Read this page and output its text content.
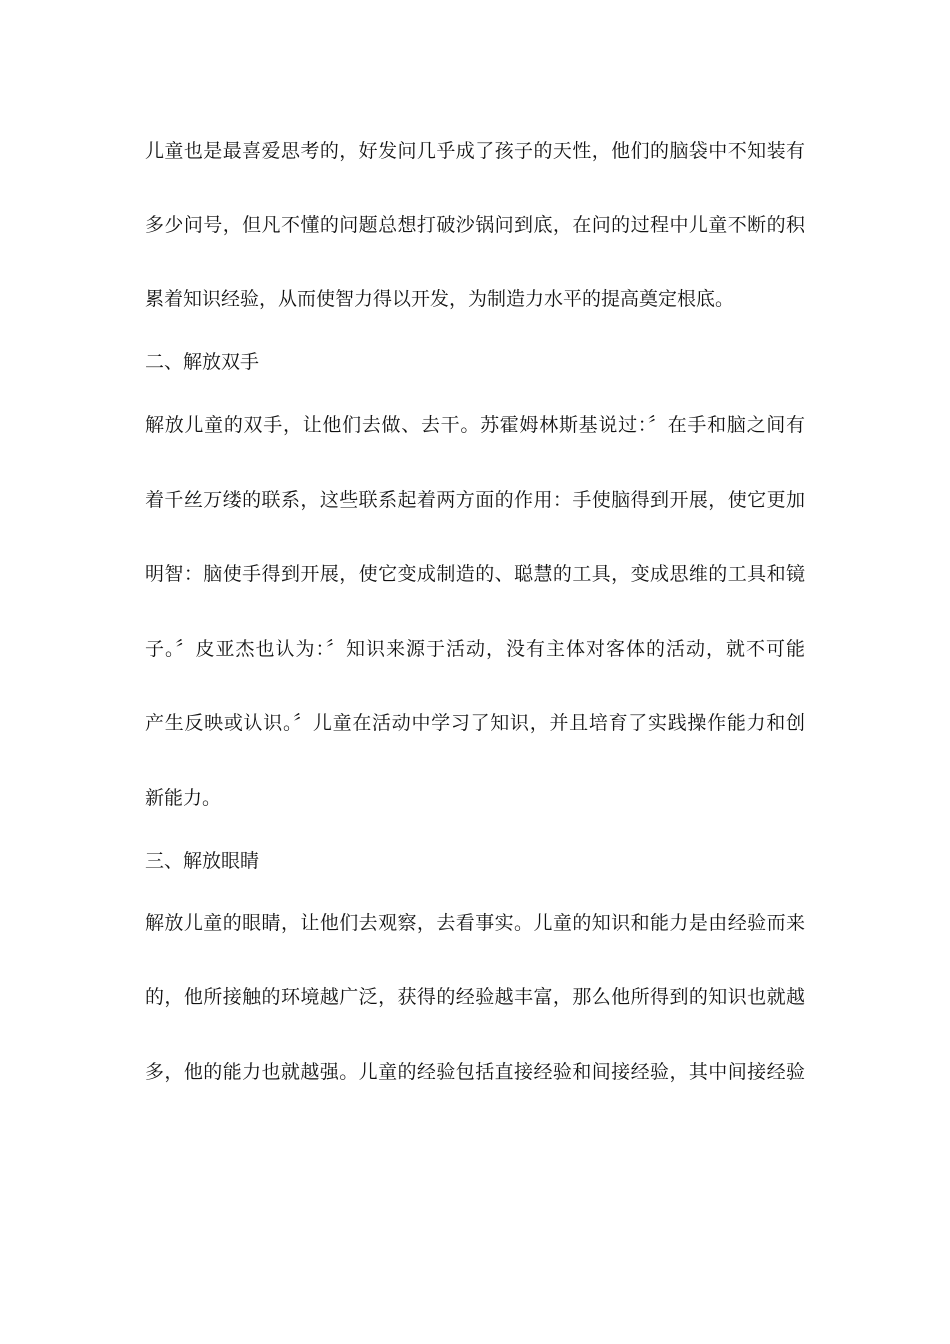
儿童也是最喜爱思考的，好发问几乎成了孩子的天性，他们的脑袋中不知装有
多少问号，但凡不懂的问题总想打破沙锅问到底，在问的过程中儿童不断的积
累着知识经验，从而使智力得以开发，为制造力水平的提高奠定根底。
二、解放双手
解放儿童的双手，让他们去做、去干。苏霍姆林斯基说过：〞在手和脑之间有
着千丝万缕的联系，这些联系起着两方面的作用：手使脑得到开展，使它更加
明智：脑使手得到开展，使它变成制造的、聪慧的工具，变成思维的工具和镜
子。〞皮亚杰也认为：〞知识来源于活动，没有主体对客体的活动，就不可能
产生反映或认识。〞儿童在活动中学习了知识，并且培育了实践操作能力和创
新能力。
三、解放眼睛
解放儿童的眼睛，让他们去观察，去看事实。儿童的知识和能力是由经验而来
的，他所接触的环境越广泛，获得的经验越丰富，那么他所得到的知识也就越
多，他的能力也就越强。儿童的经验包括直接经验和间接经验，其中间接经验
